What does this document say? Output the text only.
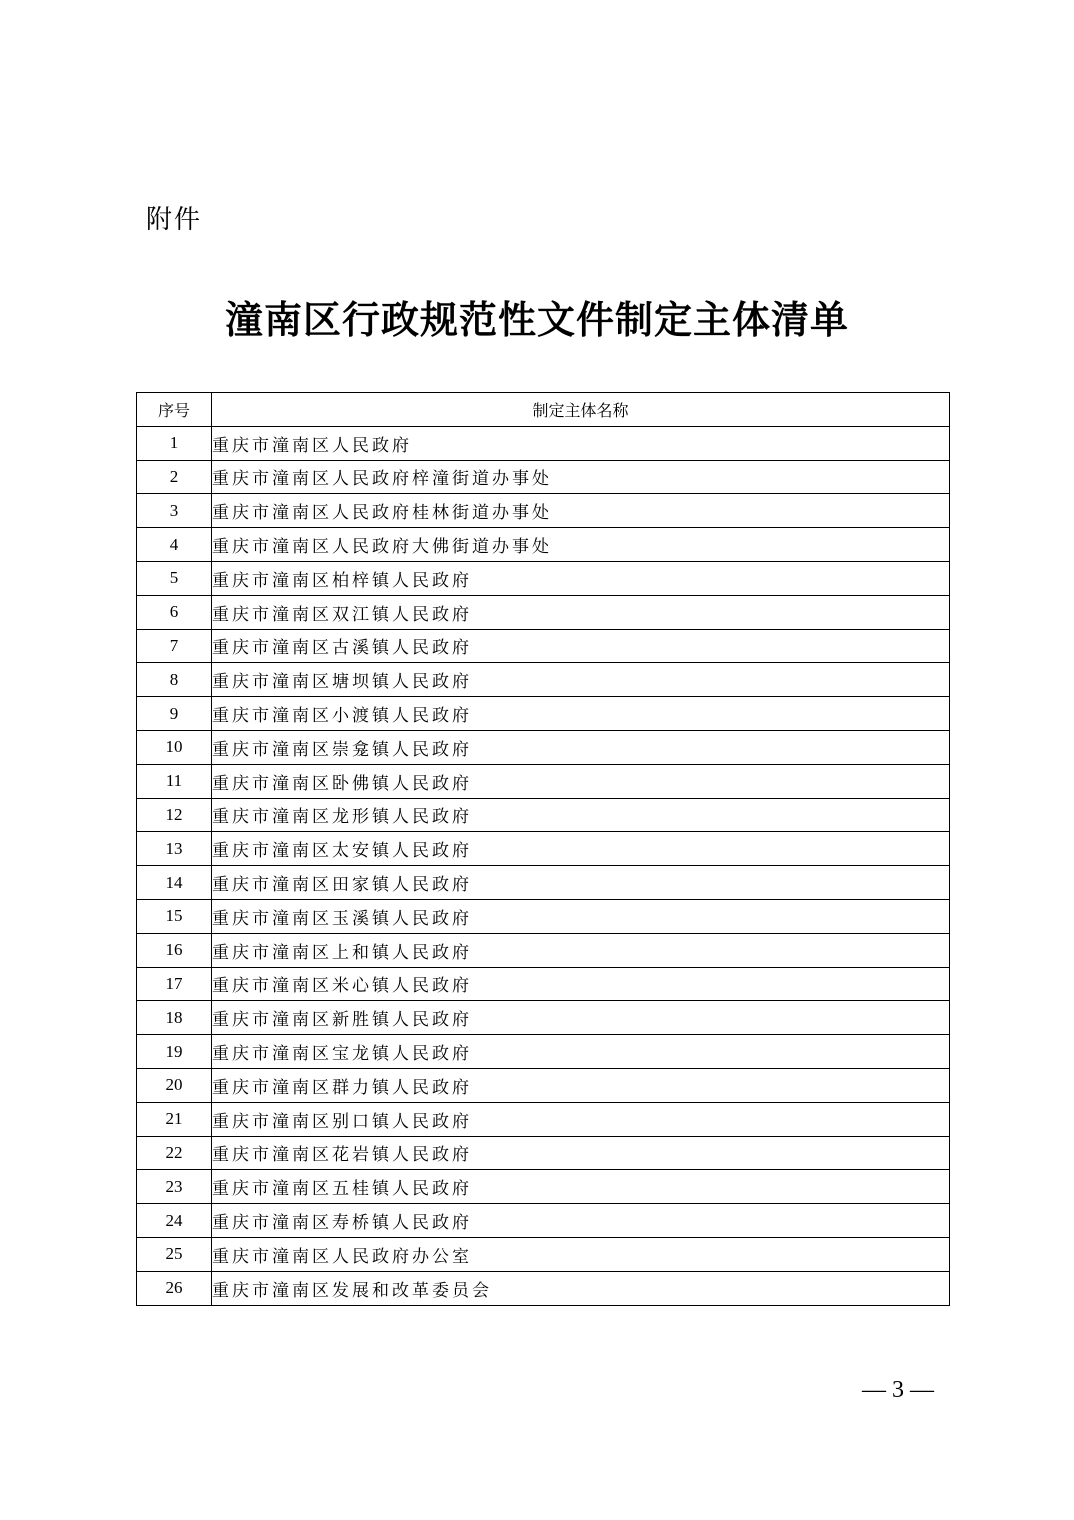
附件
潼南区行政规范性文件制定主体清单
序号	制定主体名称
1	重庆市潼南区人民政府
2	重庆市潼南区人民政府梓潼街道办事处
3	重庆市潼南区人民政府桂林街道办事处
4	重庆市潼南区人民政府大佛街道办事处
5	重庆市潼南区柏梓镇人民政府
6	重庆市潼南区双江镇人民政府
7	重庆市潼南区古溪镇人民政府
8	重庆市潼南区塘坝镇人民政府
9	重庆市潼南区小渡镇人民政府
10	重庆市潼南区崇龛镇人民政府
11	重庆市潼南区卧佛镇人民政府
12	重庆市潼南区龙形镇人民政府
13	重庆市潼南区太安镇人民政府
14	重庆市潼南区田家镇人民政府
15	重庆市潼南区玉溪镇人民政府
16	重庆市潼南区上和镇人民政府
17	重庆市潼南区米心镇人民政府
18	重庆市潼南区新胜镇人民政府
19	重庆市潼南区宝龙镇人民政府
20	重庆市潼南区群力镇人民政府
21	重庆市潼南区别口镇人民政府
22	重庆市潼南区花岩镇人民政府
23	重庆市潼南区五桂镇人民政府
24	重庆市潼南区寿桥镇人民政府
25	重庆市潼南区人民政府办公室
26	重庆市潼南区发展和改革委员会
— 3 —
